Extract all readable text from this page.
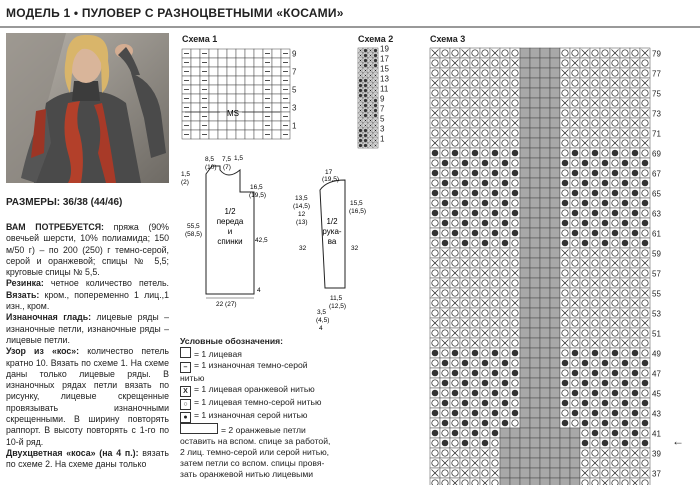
МОДЕЛЬ 1 • ПУЛОВЕР С РАЗНОЦВЕТНЫМИ «КОСАМИ»
РАЗМЕРЫ: 36/38 (44/46)

ВАМ ПОТРЕБУЕТСЯ: пряжа (90% овечьей шерсти, 10% полиамида; 150 м/50 г) – по 200 (250) г темно-серой, серой и оранжевой; спицы № 5,5; круговые спицы № 5,5.

Резинка: четное количество петель. Вязать: кром., попеременно 1 лиц.,1 изн., кром.

Изнаночная гладь: лицевые ряды – изнаночные петли, изнаночные ряды – лицевые петли.

Узор из «кос»: количество петель кратно 10. Вязать по схеме 1. На схеме даны только лицевые ряды. В изнаночных рядах петли вязать по рисунку, лицевые скрещенные провязывать изнаночными скрещенными. В ширину повторять раппорт. В высоту повторять с 1-го по 10-й ряд.

Двухцветная «коса» (на 4 п.): вязать по схеме 2. На схеме даны только

Схема 1
9
7
5
3
1
MS
1/2
переда
и
спинки
8,5 7,5
(10) (7)
1,5
1,5
(2)
16,5
(19,5)
55,5
(58,5)
42,5
4
22 (27)
1/2
рука-
ва
17
(19,5)
13,5
(14,5)
12
(13)
15,5
(16,5)
32	32
11,5
(12,5)
3,5
(4,5)
4
Условные обозначения:
= 1 лицевая
– = 1 изнаночная темно-серой
нитью
X = 1 лицевая оранжевой нитью
○ = 1 лицевая темно-серой нитью
● = 1 изнаночная серой нитью
= 2 оранжевые петли
оставить на вспом. спице за работой,
2 лиц. темно-серой или серой нитью,
затем петли со вспом. спицы провя-
зать оранжевой нитью лицевыми
Схема 2
19
17
15
13
11
9
7
5
3
1
Схема 3
79
77
75
73
71
69
67
65
63
61
59
57
55
53
51
49
47
45
43
41
39
37
←
